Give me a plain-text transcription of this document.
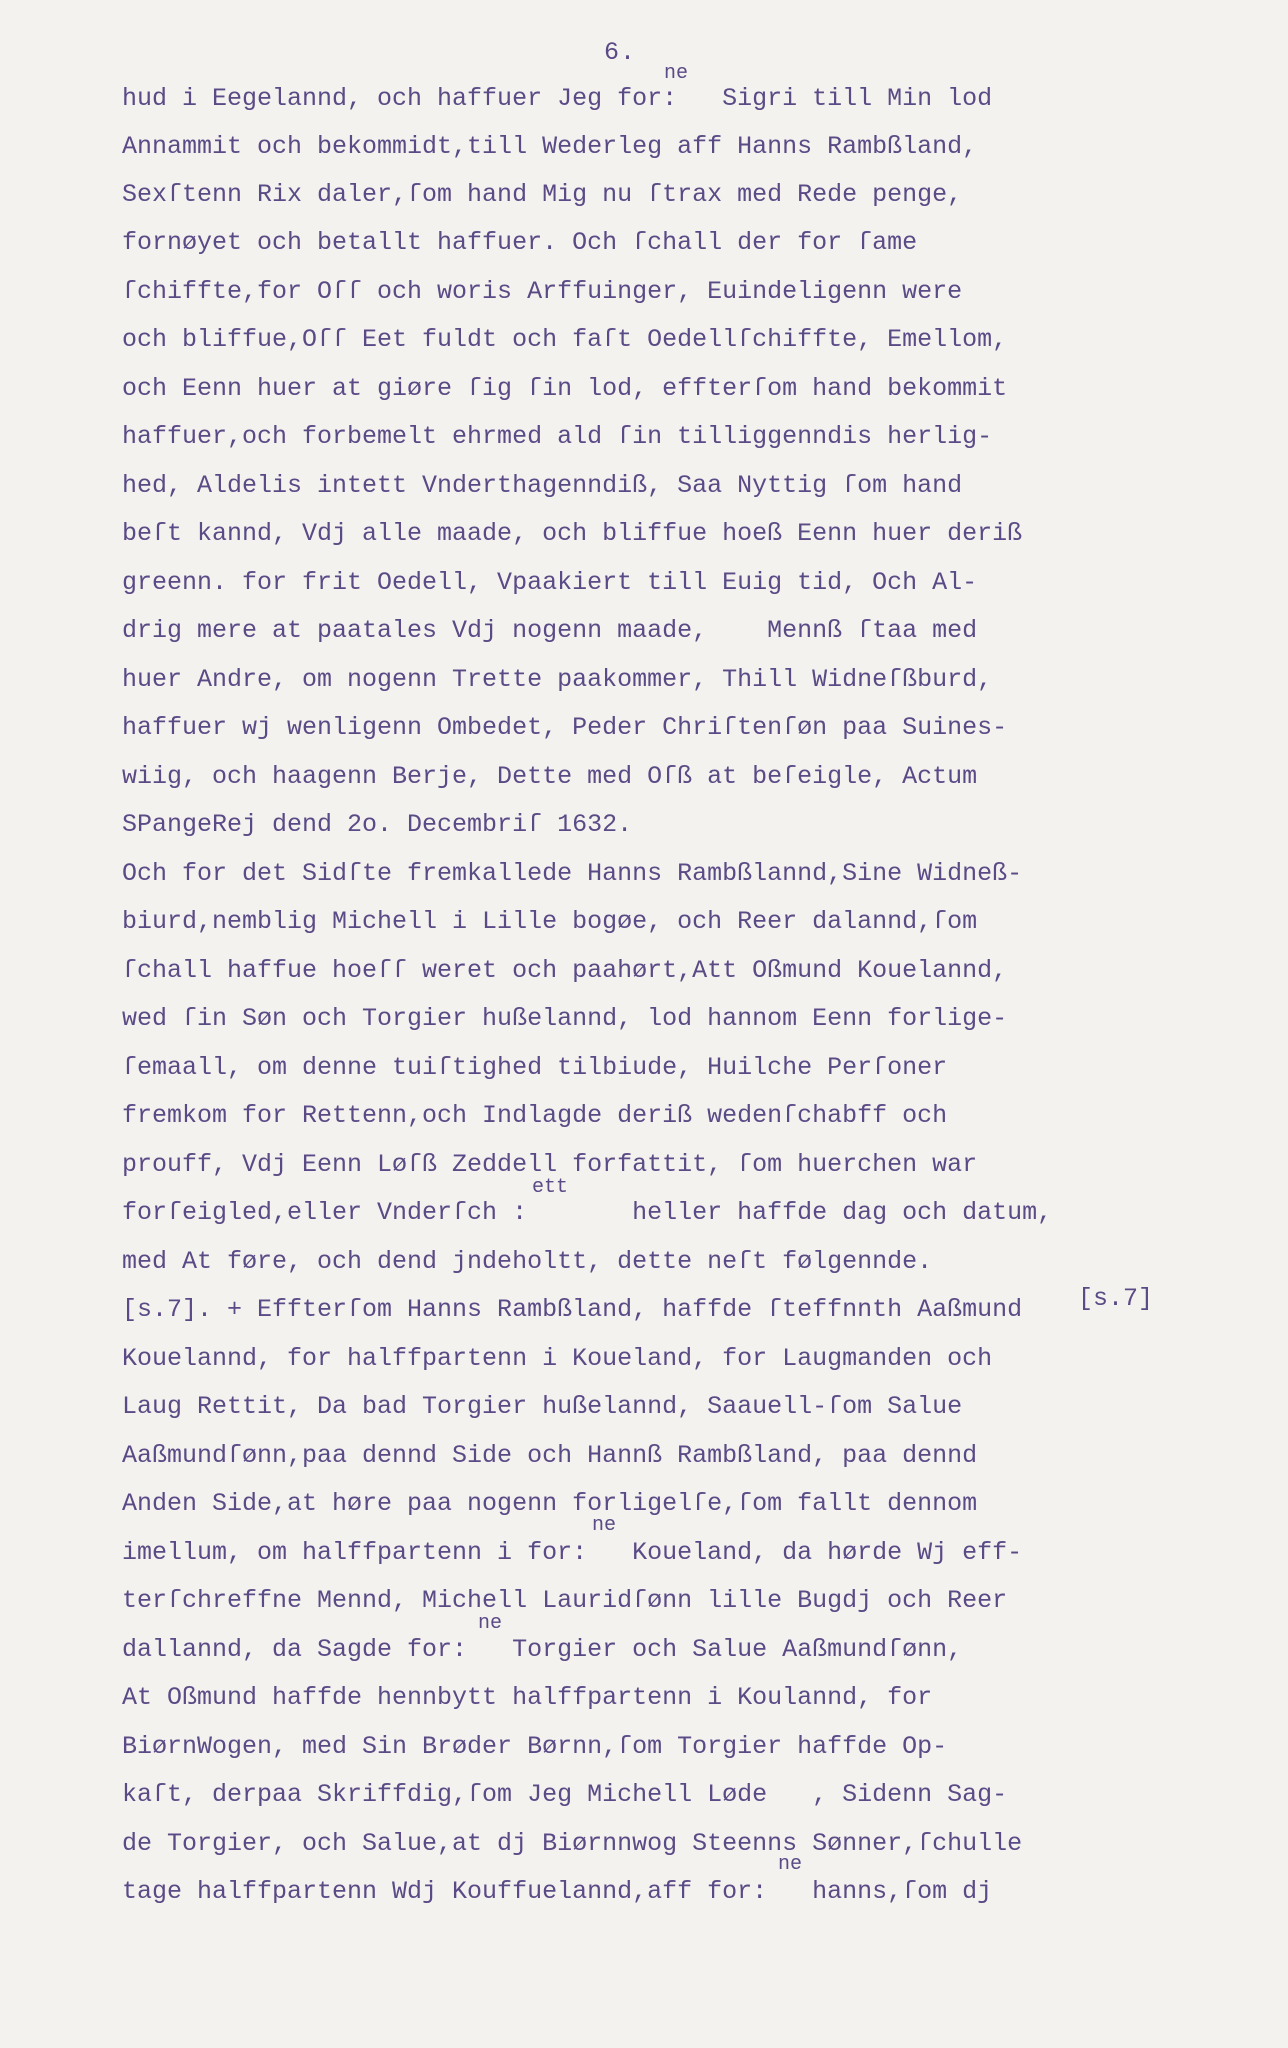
6.
ne
ett
ne
ne
ne
hud i Eegelannd, och haffuer Jeg for:   Sigri till Min lod
Annammit och bekommidt,till Wederleg aff Hanns Rambßland,
Sexſtenn Rix daler,ſom hand Mig nu ſtrax med Rede penge,
fornøyet och betallt haffuer. Och ſchall der for ſame
ſchiffte,for Oſſ och woris Arffuinger, Euindeligenn were
och bliffue,Oſſ Eet fuldt och faſt Oedellſchiffte, Emellom,
och Eenn huer at giøre ſig ſin lod, effterſom hand bekommit
haffuer,och forbemelt ehrmed ald ſin tilliggenndis herlig-
hed, Aldelis intett Vnderthagenndiß, Saa Nyttig ſom hand
beſt kannd, Vdj alle maade, och bliffue hoeß Eenn huer deriß
greenn. for frit Oedell, Vpaakiert till Euig tid, Och Al-
drig mere at paatales Vdj nogenn maade,    Mennß ſtaa med
huer Andre, om nogenn Trette paakommer, Thill Widneſßburd,
haffuer wj wenligenn Ombedet, Peder Chriſtenſøn paa Suines-
wiig, och haagenn Berje, Dette med Oſß at beſeigle, Actum
SPangeRej dend 2o. Decembriſ 1632.
Och for det Sidſte fremkallede Hanns Rambßlannd,Sine Widneß-
biurd,nemblig Michell i Lille bogøe, och Reer dalannd,ſom
ſchall haffue hoeſſ weret och paahørt,Att Oßmund Kouelannd,
wed ſin Søn och Torgier hußelannd, lod hannom Eenn forlige-
ſemaall, om denne tuiſtighed tilbiude, Huilche Perſoner
fremkom for Rettenn,och Indlagde deriß wedenſchabff och
prouff, Vdj Eenn Løſß Zeddell forfattit, ſom huerchen war
forſeigled,eller Vnderſch :       heller haffde dag och datum,
med At føre, och dend jndeholtt, dette neſt følgennde.
[s.7]. + Effterſom Hanns Rambßland, haffde ſteffnnth Aaßmund
Kouelannd, for halffpartenn i Koueland, for Laugmanden och
Laug Rettit, Da bad Torgier hußelannd, Saauell-ſom Salue
Aaßmundſønn,paa dennd Side och Hannß Rambßland, paa dennd
Anden Side,at høre paa nogenn forligelſe,ſom fallt dennom
imellum, om halffpartenn i for:   Koueland, da hørde Wj eff-
terſchreffne Mennd, Michell Lauridſønn lille Bugdj och Reer
dallannd, da Sagde for:   Torgier och Salue Aaßmundſønn,
At Oßmund haffde hennbytt halffpartenn i Koulannd, for
BiørnWogen, med Sin Brøder Børnn,ſom Torgier haffde Op-
kaſt, derpaa Skriffdig,ſom Jeg Michell Løde   , Sidenn Sag-
de Torgier, och Salue,at dj Biørnnwog Steenns Sønner,ſchulle
tage halffpartenn Wdj Kouffuelannd,aff for:   hanns,ſom dj
[s.7]
